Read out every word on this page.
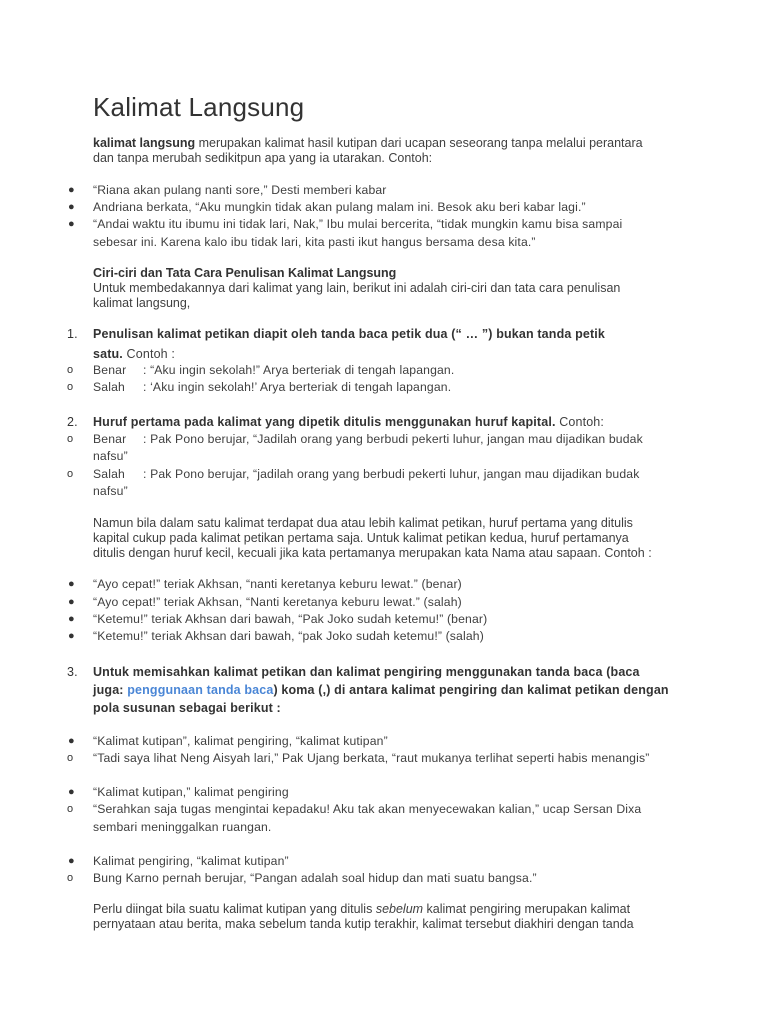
Kalimat Langsung

kalimat langsung merupakan kalimat hasil kutipan dari ucapan seseorang tanpa melalui perantara
dan tanpa merubah sedikitpun apa yang ia utarakan. Contoh:

●	“Riana akan pulang nanti sore,” Desti memberi kabar
●	Andriana berkata, “Aku mungkin tidak akan pulang malam ini. Besok aku beri kabar lagi.”
●	“Andai waktu itu ibumu ini tidak lari, Nak,” Ibu mulai bercerita, “tidak mungkin kamu bisa sampai
sebesar ini. Karena kalo ibu tidak lari, kita pasti ikut hangus bersama desa kita.”

Ciri-ciri dan Tata Cara Penulisan Kalimat Langsung
Untuk membedakannya dari kalimat yang lain, berikut ini adalah ciri-ciri dan tata cara penulisan
kalimat langsung,

1. Penulisan kalimat petikan diapit oleh tanda baca petik dua (“ … ”) bukan tanda petik
satu. Contoh :
o	Benar : “Aku ingin sekolah!” Arya berteriak di tengah lapangan.
o	Salah : ‘Aku ingin sekolah!’ Arya berteriak di tengah lapangan.
2. Huruf pertama pada kalimat yang dipetik ditulis menggunakan huruf kapital. Contoh:
o	Benar : Pak Pono berujar, “Jadilah orang yang berbudi pekerti luhur, jangan mau dijadikan budak
nafsu”
o	Salah : Pak Pono berujar, “jadilah orang yang berbudi pekerti luhur, jangan mau dijadikan budak
nafsu”

Namun bila dalam satu kalimat terdapat dua atau lebih kalimat petikan, huruf pertama yang ditulis
kapital cukup pada kalimat petikan pertama saja. Untuk kalimat petikan kedua, huruf pertamanya
ditulis dengan huruf kecil, kecuali jika kata pertamanya merupakan kata Nama atau sapaan. Contoh :

●	“Ayo cepat!” teriak Akhsan, “nanti keretanya keburu lewat.” (benar)
●	“Ayo cepat!” teriak Akhsan, “Nanti keretanya keburu lewat.” (salah)
●	“Ketemu!” teriak Akhsan dari bawah, “Pak Joko sudah ketemu!” (benar)
●	“Ketemu!” teriak Akhsan dari bawah, “pak Joko sudah ketemu!” (salah)
3. Untuk memisahkan kalimat petikan dan kalimat pengiring menggunakan tanda baca (baca
juga: penggunaan tanda baca) koma (,) di antara kalimat pengiring dan kalimat petikan dengan
pola susunan sebagai berikut :
●	“Kalimat kutipan”, kalimat pengiring, “kalimat kutipan”
o	“Tadi saya lihat Neng Aisyah lari,” Pak Ujang berkata, “raut mukanya terlihat seperti habis menangis”
●	“Kalimat kutipan,” kalimat pengiring
o	“Serahkan saja tugas mengintai kepadaku! Aku tak akan menyecewakan kalian,” ucap Sersan Dixa
sembari meninggalkan ruangan.
●	Kalimat pengiring, “kalimat kutipan”
o	Bung Karno pernah berujar, “Pangan adalah soal hidup dan mati suatu bangsa.”

Perlu diingat bila suatu kalimat kutipan yang ditulis sebelum kalimat pengiring merupakan kalimat
pernyataan atau berita, maka sebelum tanda kutip terakhir, kalimat tersebut diakhiri dengan tanda
